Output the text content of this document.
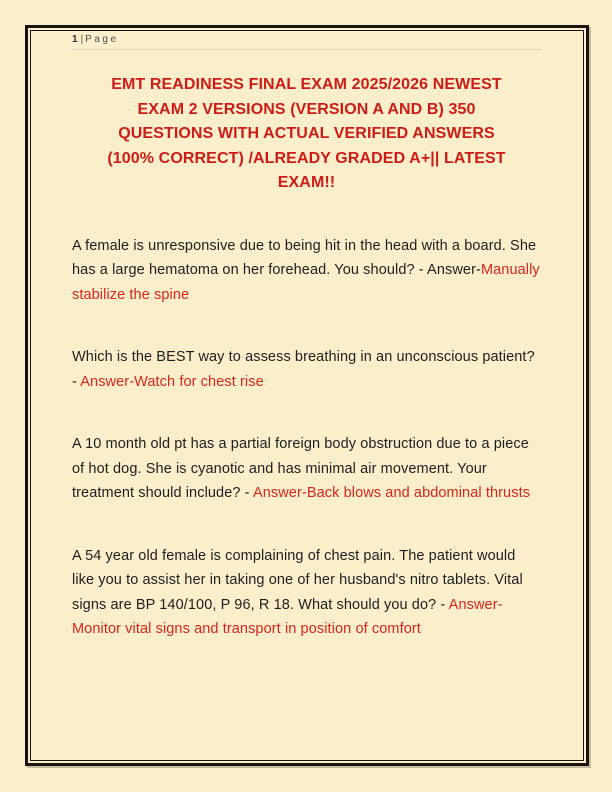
1 | Page
EMT READINESS FINAL EXAM 2025/2026 NEWEST
EXAM 2 VERSIONS (VERSION A AND B) 350
QUESTIONS WITH ACTUAL VERIFIED ANSWERS
(100% CORRECT) /ALREADY GRADED A+|| LATEST
EXAM!!

A female is unresponsive due to being hit in the head with a board. She has a large hematoma on her forehead. You should? - Answer-Manually stabilize the spine

Which is the BEST way to assess breathing in an unconscious patient? - Answer-Watch for chest rise

A 10 month old pt has a partial foreign body obstruction due to a piece of hot dog. She is cyanotic and has minimal air movement. Your treatment should include? - Answer-Back blows and abdominal thrusts

A 54 year old female is complaining of chest pain. The patient would like you to assist her in taking one of her husband's nitro tablets. Vital signs are BP 140/100, P 96, R 18. What should you do? - Answer-Monitor vital signs and transport in position of comfort
